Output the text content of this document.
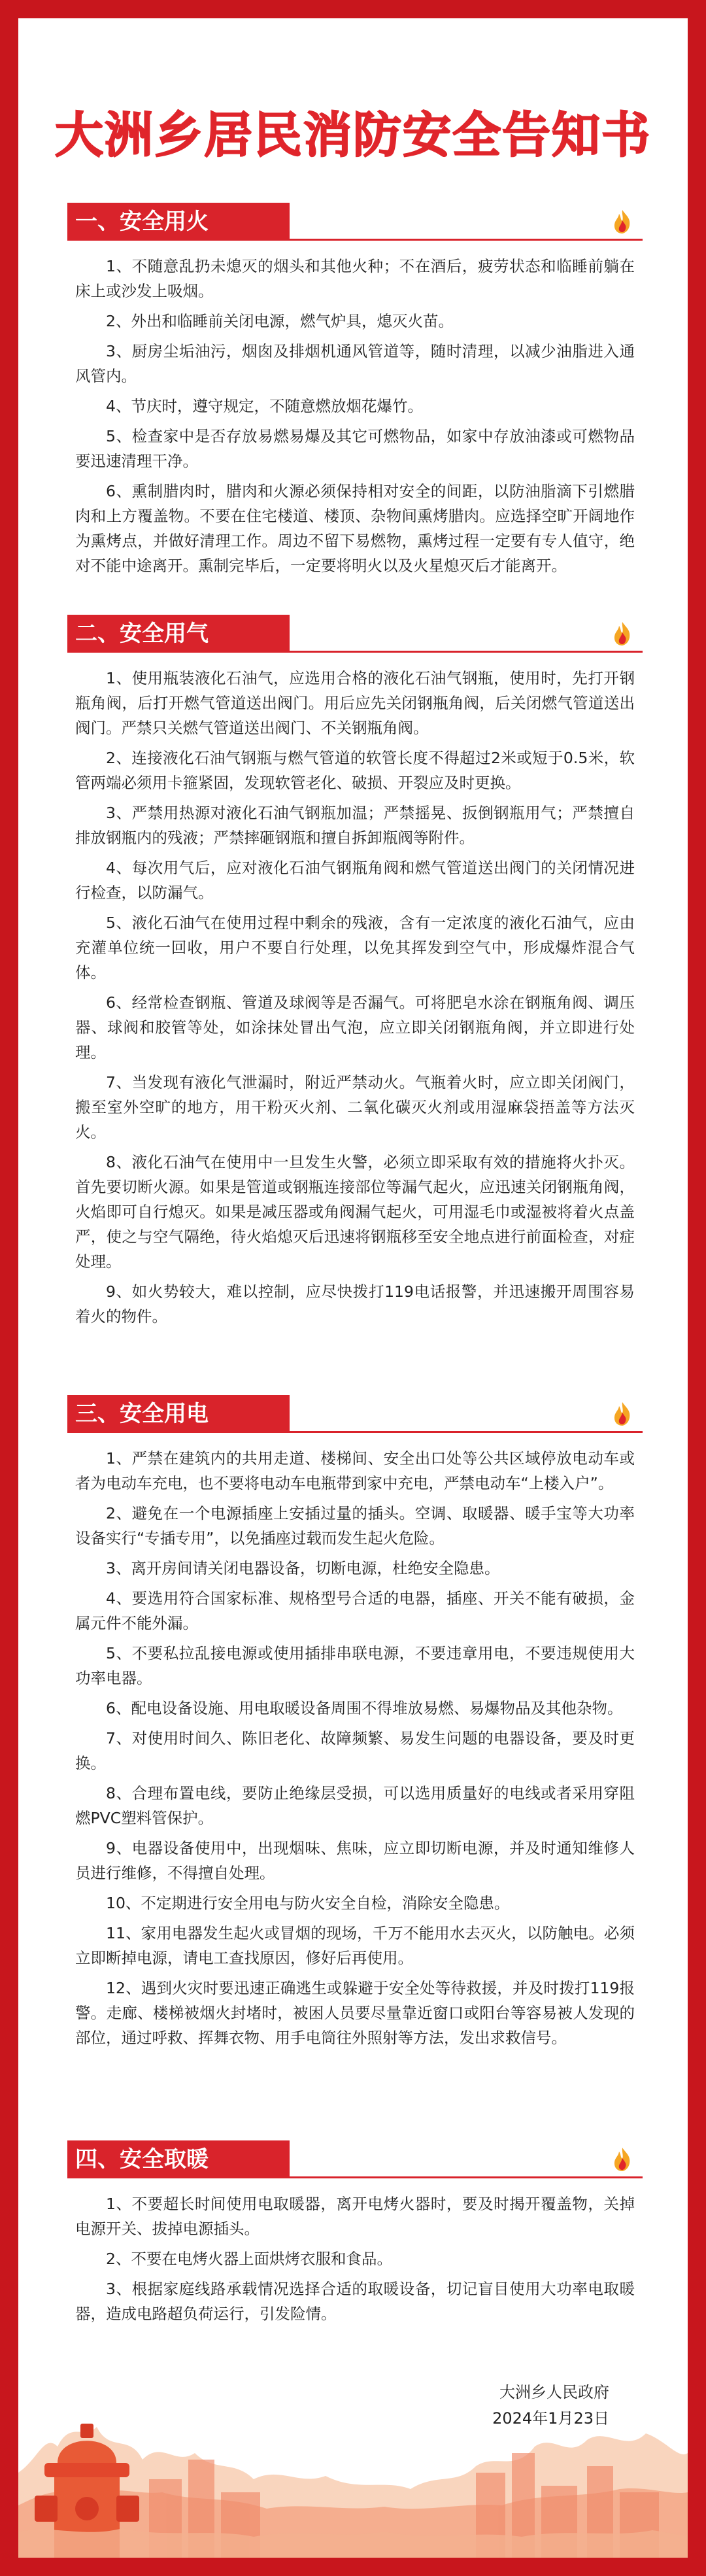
大洲乡居民消防安全告知书
一、安全用火

1、不随意乱扔未熄灭的烟头和其他火种；不在酒后，疲劳状态和临睡前躺在床上或沙发上吸烟。

2、外出和临睡前关闭电源，燃气炉具，熄灭火苗。

3、厨房尘垢油污，烟囱及排烟机通风管道等，随时清理，以减少油脂进入通风管内。

4、节庆时，遵守规定，不随意燃放烟花爆竹。

5、检查家中是否存放易燃易爆及其它可燃物品，如家中存放油漆或可燃物品要迅速清理干净。

6、熏制腊肉时，腊肉和火源必须保持相对安全的间距，以防油脂滴下引燃腊肉和上方覆盖物。不要在住宅楼道、楼顶、杂物间熏烤腊肉。应选择空旷开阔地作为熏烤点，并做好清理工作。周边不留下易燃物，熏烤过程一定要有专人值守，绝对不能中途离开。熏制完毕后，一定要将明火以及火星熄灭后才能离开。

二、安全用气

1、使用瓶装液化石油气，应选用合格的液化石油气钢瓶，使用时，先打开钢瓶角阀，后打开燃气管道送出阀门。用后应先关闭钢瓶角阀，后关闭燃气管道送出阀门。严禁只关燃气管道送出阀门、不关钢瓶角阀。

2、连接液化石油气钢瓶与燃气管道的软管长度不得超过2米或短于0.5米，软管两端必须用卡箍紧固，发现软管老化、破损、开裂应及时更换。

3、严禁用热源对液化石油气钢瓶加温；严禁摇晃、扳倒钢瓶用气；严禁擅自排放钢瓶内的残液；严禁摔砸钢瓶和擅自拆卸瓶阀等附件。

4、每次用气后，应对液化石油气钢瓶角阀和燃气管道送出阀门的关闭情况进行检查，以防漏气。

5、液化石油气在使用过程中剩余的残液，含有一定浓度的液化石油气，应由充灌单位统一回收，用户不要自行处理，以免其挥发到空气中，形成爆炸混合气体。

6、经常检查钢瓶、管道及球阀等是否漏气。可将肥皂水涂在钢瓶角阀、调压器、球阀和胶管等处，如涂抹处冒出气泡，应立即关闭钢瓶角阀，并立即进行处理。

7、当发现有液化气泄漏时，附近严禁动火。气瓶着火时，应立即关闭阀门，搬至室外空旷的地方，用干粉灭火剂、二氧化碳灭火剂或用湿麻袋捂盖等方法灭火。

8、液化石油气在使用中一旦发生火警，必须立即采取有效的措施将火扑灭。首先要切断火源。如果是管道或钢瓶连接部位等漏气起火，应迅速关闭钢瓶角阀，火焰即可自行熄灭。如果是减压器或角阀漏气起火，可用湿毛巾或湿被将着火点盖严，使之与空气隔绝，待火焰熄灭后迅速将钢瓶移至安全地点进行前面检查，对症处理。

9、如火势较大，难以控制，应尽快拨打119电话报警，并迅速搬开周围容易着火的物件。

三、安全用电

1、严禁在建筑内的共用走道、楼梯间、安全出口处等公共区域停放电动车或者为电动车充电，也不要将电动车电瓶带到家中充电，严禁电动车“上楼入户”。

2、避免在一个电源插座上安插过量的插头。空调、取暖器、暖手宝等大功率设备实行“专插专用”，以免插座过载而发生起火危险。

3、离开房间请关闭电器设备，切断电源，杜绝安全隐患。

4、要选用符合国家标准、规格型号合适的电器，插座、开关不能有破损，金属元件不能外漏。

5、不要私拉乱接电源或使用插排串联电源，不要违章用电，不要违规使用大功率电器。

6、配电设备设施、用电取暖设备周围不得堆放易燃、易爆物品及其他杂物。

7、对使用时间久、陈旧老化、故障频繁、易发生问题的电器设备，要及时更换。

8、合理布置电线，要防止绝缘层受损，可以选用质量好的电线或者采用穿阻燃PVC塑料管保护。

9、电器设备使用中，出现烟味、焦味，应立即切断电源，并及时通知维修人员进行维修，不得擅自处理。

10、不定期进行安全用电与防火安全自检，消除安全隐患。

11、家用电器发生起火或冒烟的现场，千万不能用水去灭火，以防触电。必须立即断掉电源，请电工查找原因，修好后再使用。

12、遇到火灾时要迅速正确逃生或躲避于安全处等待救援，并及时拨打119报警。走廊、楼梯被烟火封堵时，被困人员要尽量靠近窗口或阳台等容易被人发现的部位，通过呼救、挥舞衣物、用手电筒往外照射等方法，发出求救信号。

四、安全取暖

1、不要超长时间使用电取暖器，离开电烤火器时，要及时揭开覆盖物，关掉电源开关、拔掉电源插头。

2、不要在电烤火器上面烘烤衣服和食品。

3、根据家庭线路承载情况选择合适的取暖设备，切记盲目使用大功率电取暖器，造成电路超负荷运行，引发险情。

大洲乡人民政府
2024年1月23日
